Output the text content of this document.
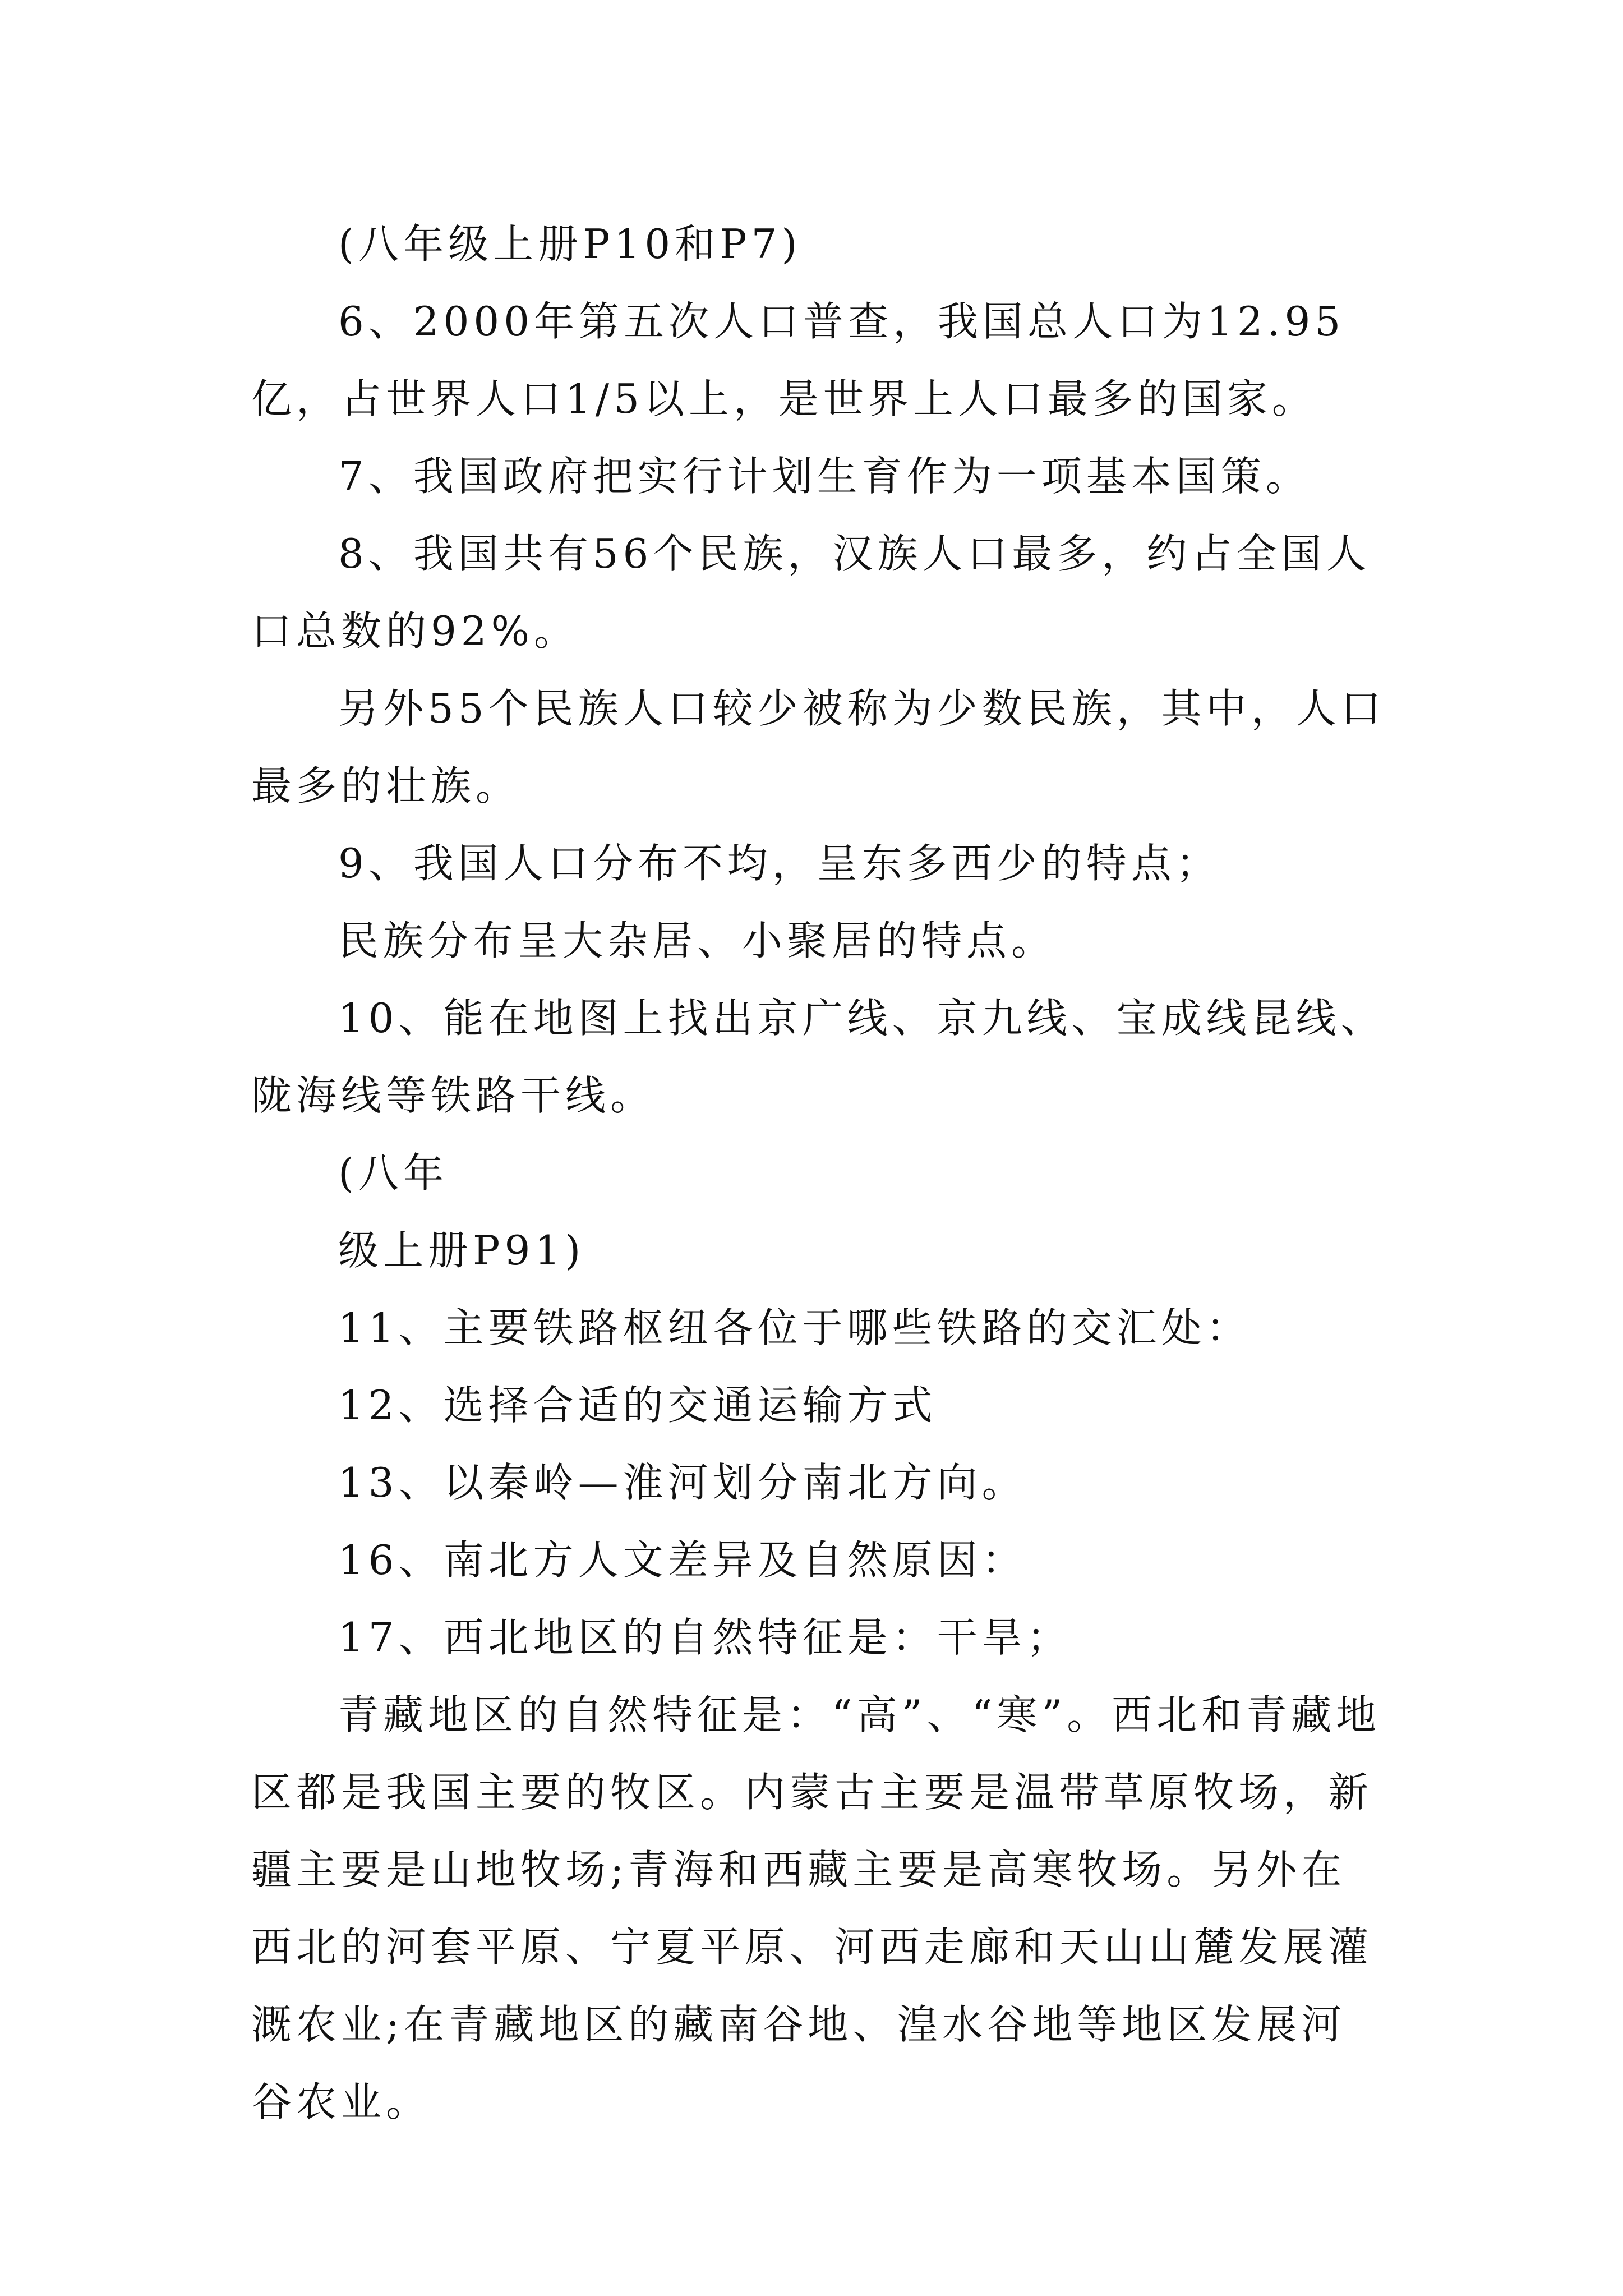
(八年级上册P10和P7)

6、2000年第五次人口普查，我国总人口为12.95亿，占世界人口1/5以上，是世界上人口最多的国家。

7、我国政府把实行计划生育作为一项基本国策。

8、我国共有56个民族，汉族人口最多，约占全国人口总数的92%。

另外55个民族人口较少被称为少数民族，其中，人口最多的壮族。

9、我国人口分布不均，呈东多西少的特点；

民族分布呈大杂居、小聚居的特点。

10、能在地图上找出京广线、京九线、宝成线昆线、陇海线等铁路干线。

(八年

级上册P91)

11、主要铁路枢纽各位于哪些铁路的交汇处：

12、选择合适的交通运输方式

13、以秦岭—淮河划分南北方向。

16、南北方人文差异及自然原因：

17、西北地区的自然特征是：干旱；

青藏地区的自然特征是：“高”、“寒”。西北和青藏地区都是我国主要的牧区。内蒙古主要是温带草原牧场，新疆主要是山地牧场;青海和西藏主要是高寒牧场。另外在西北的河套平原、宁夏平原、河西走廊和天山山麓发展灌溉农业;在青藏地区的藏南谷地、湟水谷地等地区发展河谷农业。
